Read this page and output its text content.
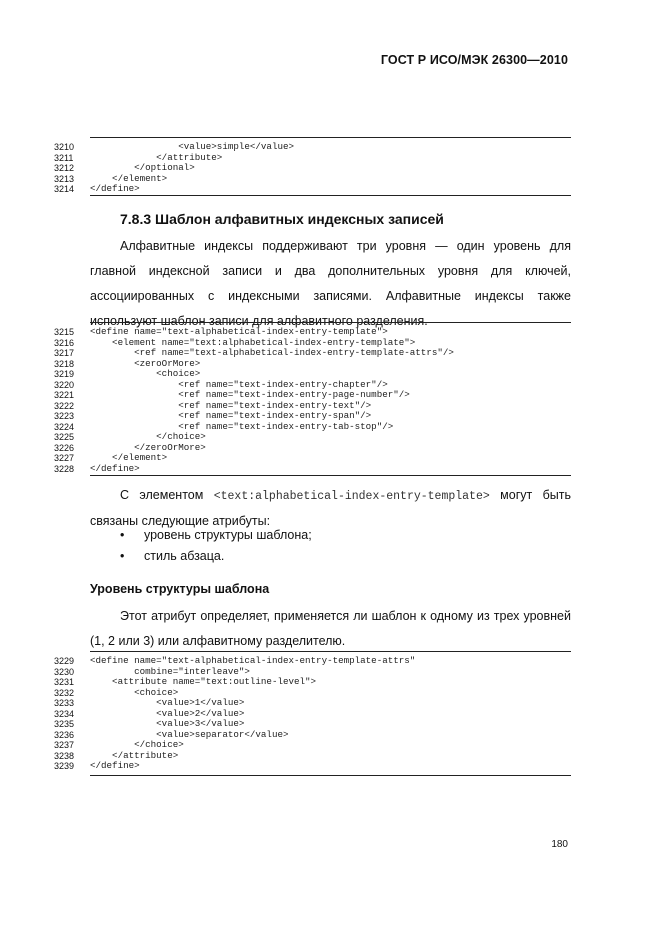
ГОСТ Р ИСО/МЭК 26300—2010
3210	<value>simple</value>
3211	</attribute>
3212	</optional>
3213	</element>
3214	</define>
7.8.3 Шаблон алфавитных индексных записей
Алфавитные индексы поддерживают три уровня — один уровень для главной индексной записи и два дополнительных уровня для ключей, ассоциированных с индексными записями. Алфавитные индексы также используют шаблон записи для алфавитного разделения.
3215	<define name="text-alphabetical-index-entry-template">
3216	<element name="text:alphabetical-index-entry-template">
3217	<ref name="text-alphabetical-index-entry-template-attrs"/>
3218	<zeroOrMore>
3219	<choice>
3220	<ref name="text-index-entry-chapter"/>
3221	<ref name="text-index-entry-page-number"/>
3222	<ref name="text-index-entry-text"/>
3223	<ref name="text-index-entry-span"/>
3224	<ref name="text-index-entry-tab-stop"/>
3225	</choice>
3226	</zeroOrMore>
3227	</element>
3228	</define>
С элементом <text:alphabetical-index-entry-template> могут быть связаны следующие атрибуты:
• уровень структуры шаблона;
• стиль абзаца.
Уровень структуры шаблона
Этот атрибут определяет, применяется ли шаблон к одному из трех уровней (1, 2 или 3) или алфавитному разделителю.
3229	<define name="text-alphabetical-index-entry-template-attrs"
3230	combine="interleave">
3231	<attribute name="text:outline-level">
3232	<choice>
3233	<value>1</value>
3234	<value>2</value>
3235	<value>3</value>
3236	<value>separator</value>
3237	</choice>
3238	</attribute>
3239	</define>
180
